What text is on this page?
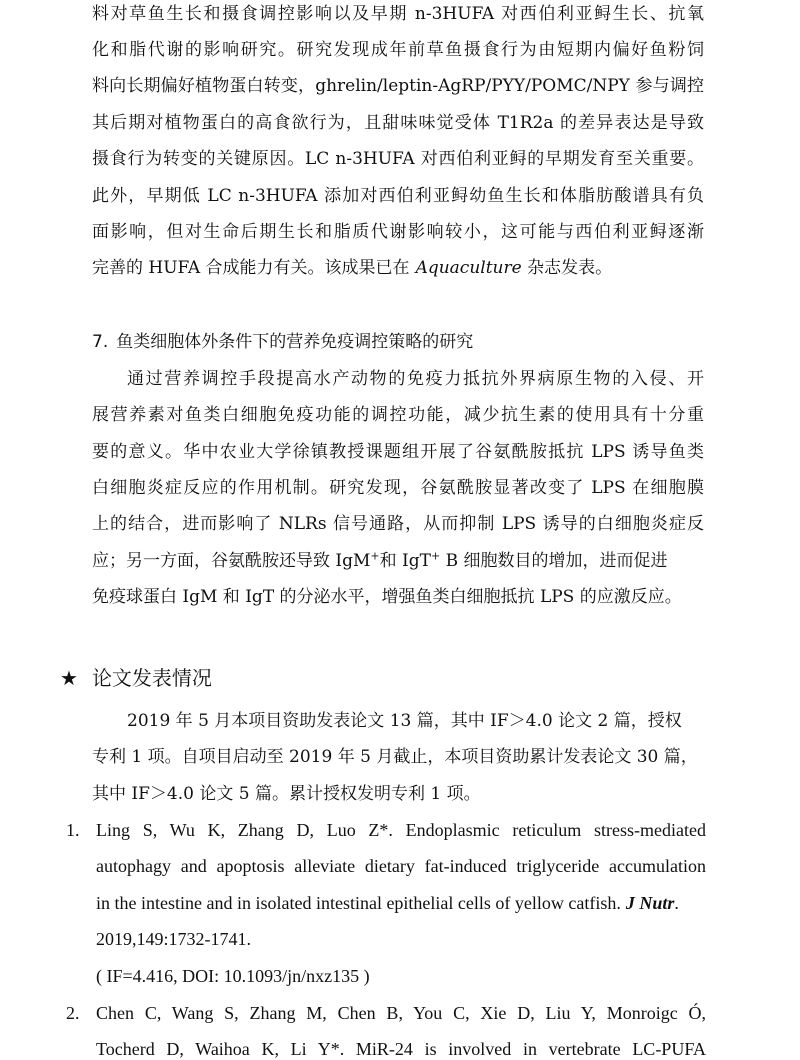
料对草鱼生长和摄食调控影响以及早期 n-3HUFA 对西伯利亚鲟生长、抗氧
化和脂代谢的影响研究。研究发现成年前草鱼摄食行为由短期内偏好鱼粉饲
料向长期偏好植物蛋白转变，ghrelin/leptin-AgRP/PYY/POMC/NPY 参与调控
其后期对植物蛋白的高食欲行为，且甜味味觉受体 T1R2a 的差异表达是导致
摄食行为转变的关键原因。LC n-3HUFA 对西伯利亚鲟的早期发育至关重要。
此外，早期低 LC n-3HUFA 添加对西伯利亚鲟幼鱼生长和体脂肪酸谱具有负
面影响，但对生命后期生长和脂质代谢影响较小，这可能与西伯利亚鲟逐渐
完善的 HUFA 合成能力有关。该成果已在 Aquaculture 杂志发表。
7. 鱼类细胞体外条件下的营养免疫调控策略的研究
通过营养调控手段提高水产动物的免疫力抵抗外界病原生物的入侵、开
展营养素对鱼类白细胞免疫功能的调控功能，减少抗生素的使用具有十分重
要的意义。华中农业大学徐镇教授课题组开展了谷氨酰胺抵抗 LPS 诱导鱼类
白细胞炎症反应的作用机制。研究发现，谷氨酰胺显著改变了 LPS 在细胞膜
上的结合，进而影响了 NLRs 信号通路，从而抑制 LPS 诱导的白细胞炎症反
应；另一方面，谷氨酰胺还导致 IgM+和 IgT+ B 细胞数目的增加，进而促进
免疫球蛋白 IgM 和 IgT 的分泌水平，增强鱼类白细胞抵抗 LPS 的应激反应。
★ 论文发表情况
2019 年 5 月本项目资助发表论文 13 篇，其中 IF＞4.0 论文 2 篇，授权
专利 1 项。自项目启动至 2019 年 5 月截止，本项目资助累计发表论文 30 篇，
其中 IF＞4.0 论文 5 篇。累计授权发明专利 1 项。
1. Ling S, Wu K, Zhang D, Luo Z*. Endoplasmic reticulum stress-mediated
autophagy and apoptosis alleviate dietary fat-induced triglyceride accumulation
in the intestine and in isolated intestinal epithelial cells of yellow catfish. J Nutr.
2019,149:1732-1741.
( IF=4.416, DOI: 10.1093/jn/nxz135 )
2. Chen C, Wang S, Zhang M, Chen B, You C, Xie D, Liu Y, Monroigc Ó,
Tocherd D, Waihoa K, Li Y*. MiR-24 is involved in vertebrate LC-PUFA
